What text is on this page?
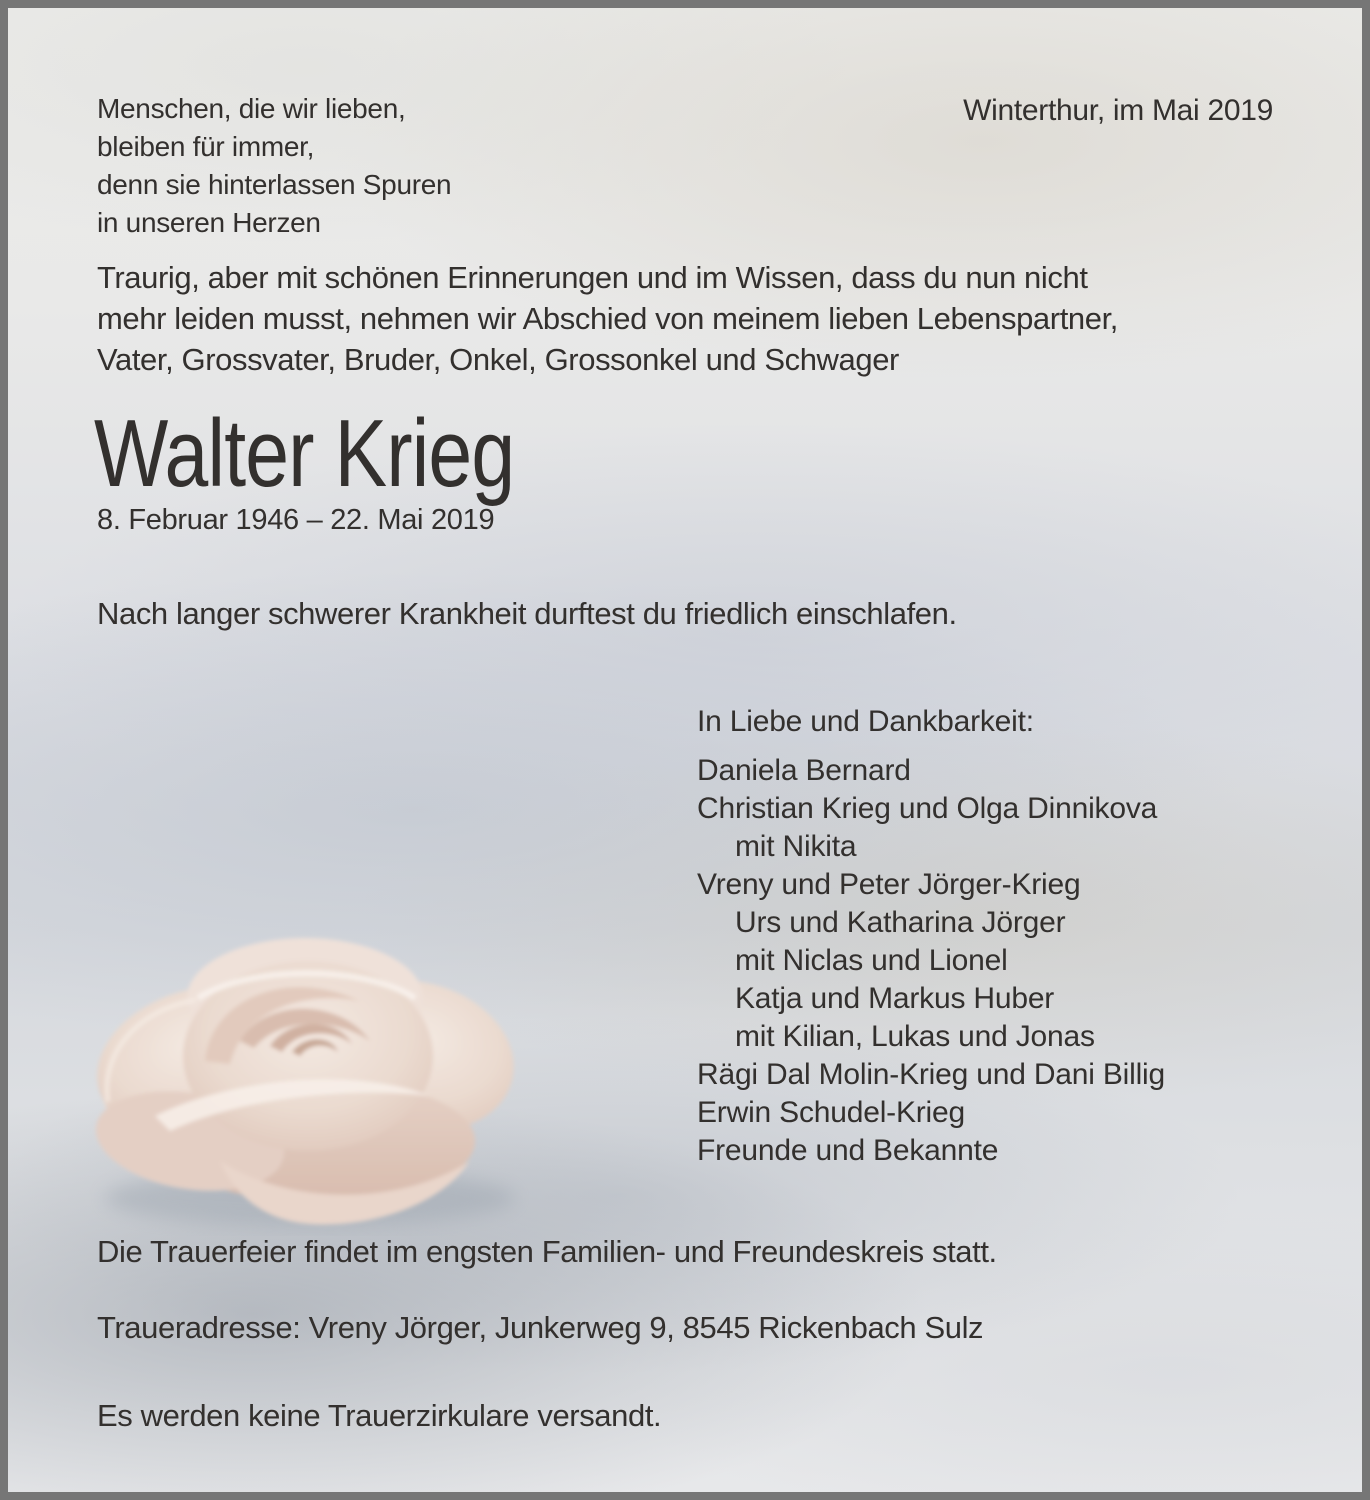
Menschen, die wir lieben,
bleiben für immer,
denn sie hinterlassen Spuren
in unseren Herzen
Winterthur, im Mai 2019
Traurig, aber mit schönen Erinnerungen und im Wissen, dass du nun nicht
mehr leiden musst, nehmen wir Abschied von meinem lieben Lebenspartner,
Vater, Grossvater, Bruder, Onkel, Grossonkel und Schwager
Walter Krieg
8. Februar 1946 – 22. Mai 2019
Nach langer schwerer Krankheit durftest du friedlich einschlafen.
In Liebe und Dankbarkeit:
Daniela Bernard
Christian Krieg und Olga Dinnikova
mit Nikita
Vreny und Peter Jörger-Krieg
Urs und Katharina Jörger
mit Niclas und Lionel
Katja und Markus Huber
mit Kilian, Lukas und Jonas
Rägi Dal Molin-Krieg und Dani Billig
Erwin Schudel-Krieg
Freunde und Bekannte
Die Trauerfeier findet im engsten Familien- und Freundeskreis statt.
Traueradresse: Vreny Jörger, Junkerweg 9, 8545 Rickenbach Sulz
Es werden keine Trauerzirkulare versandt.
